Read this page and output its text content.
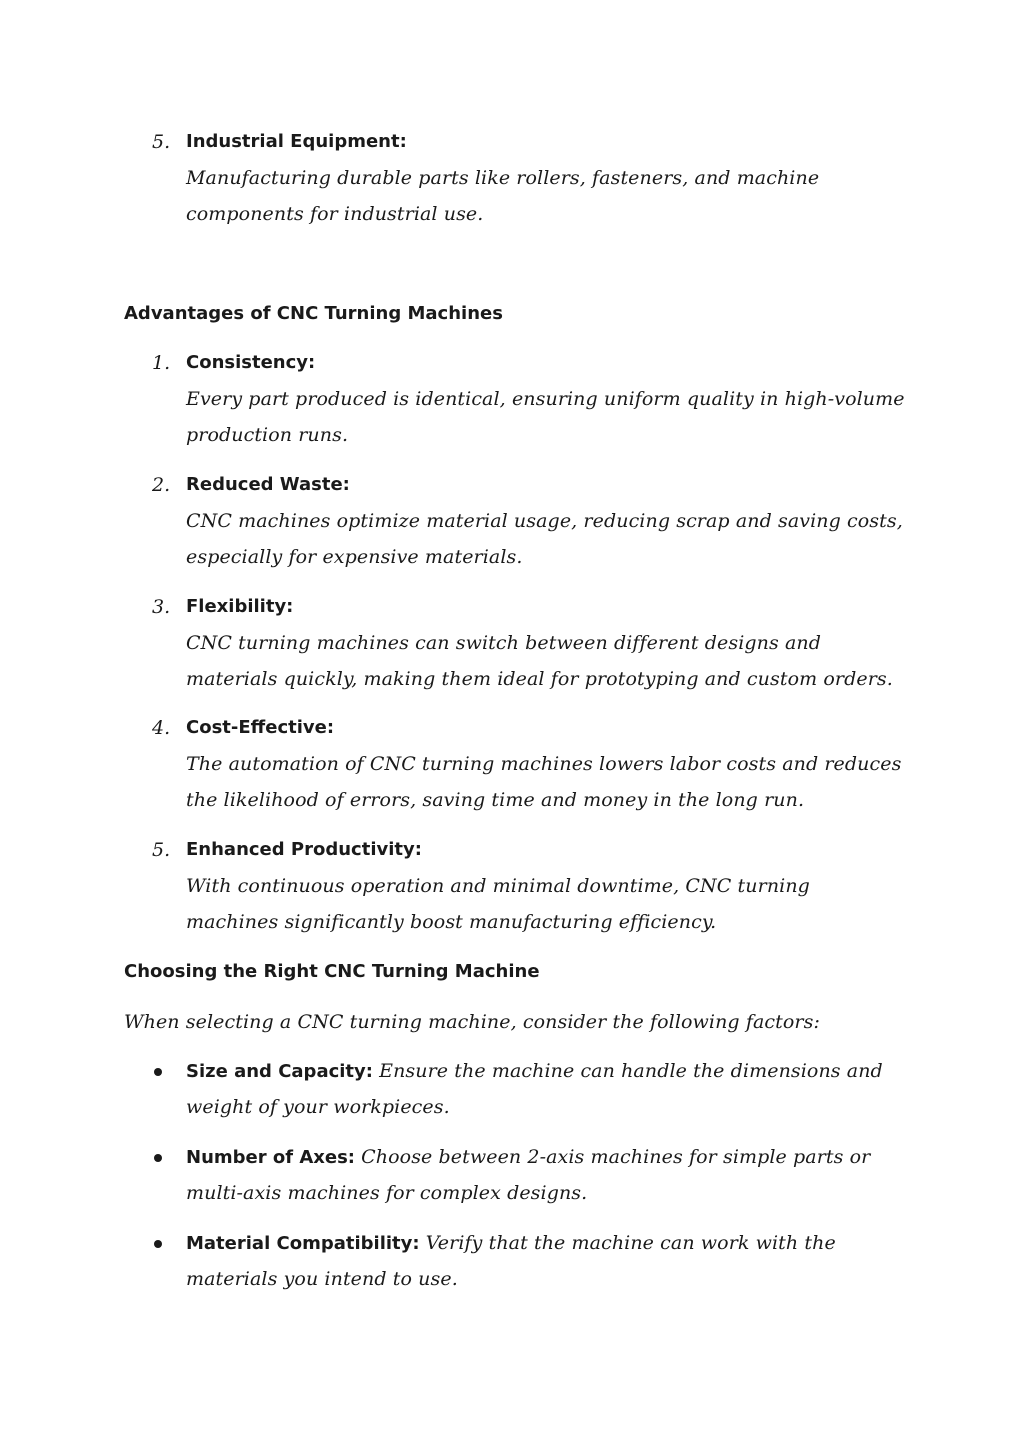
5. Industrial Equipment:
Manufacturing durable parts like rollers, fasteners, and machine
components for industrial use.
Advantages of CNC Turning Machines
1. Consistency:
Every part produced is identical, ensuring uniform quality in high-volume
production runs.
2. Reduced Waste:
CNC machines optimize material usage, reducing scrap and saving costs,
especially for expensive materials.
3. Flexibility:
CNC turning machines can switch between different designs and
materials quickly, making them ideal for prototyping and custom orders.
4. Cost-Effective:
The automation of CNC turning machines lowers labor costs and reduces
the likelihood of errors, saving time and money in the long run.
5. Enhanced Productivity:
With continuous operation and minimal downtime, CNC turning
machines significantly boost manufacturing efficiency.
Choosing the Right CNC Turning Machine
When selecting a CNC turning machine, consider the following factors:
Size and Capacity: Ensure the machine can handle the dimensions and
weight of your workpieces.
Number of Axes: Choose between 2-axis machines for simple parts or
multi-axis machines for complex designs.
Material Compatibility: Verify that the machine can work with the
materials you intend to use.
